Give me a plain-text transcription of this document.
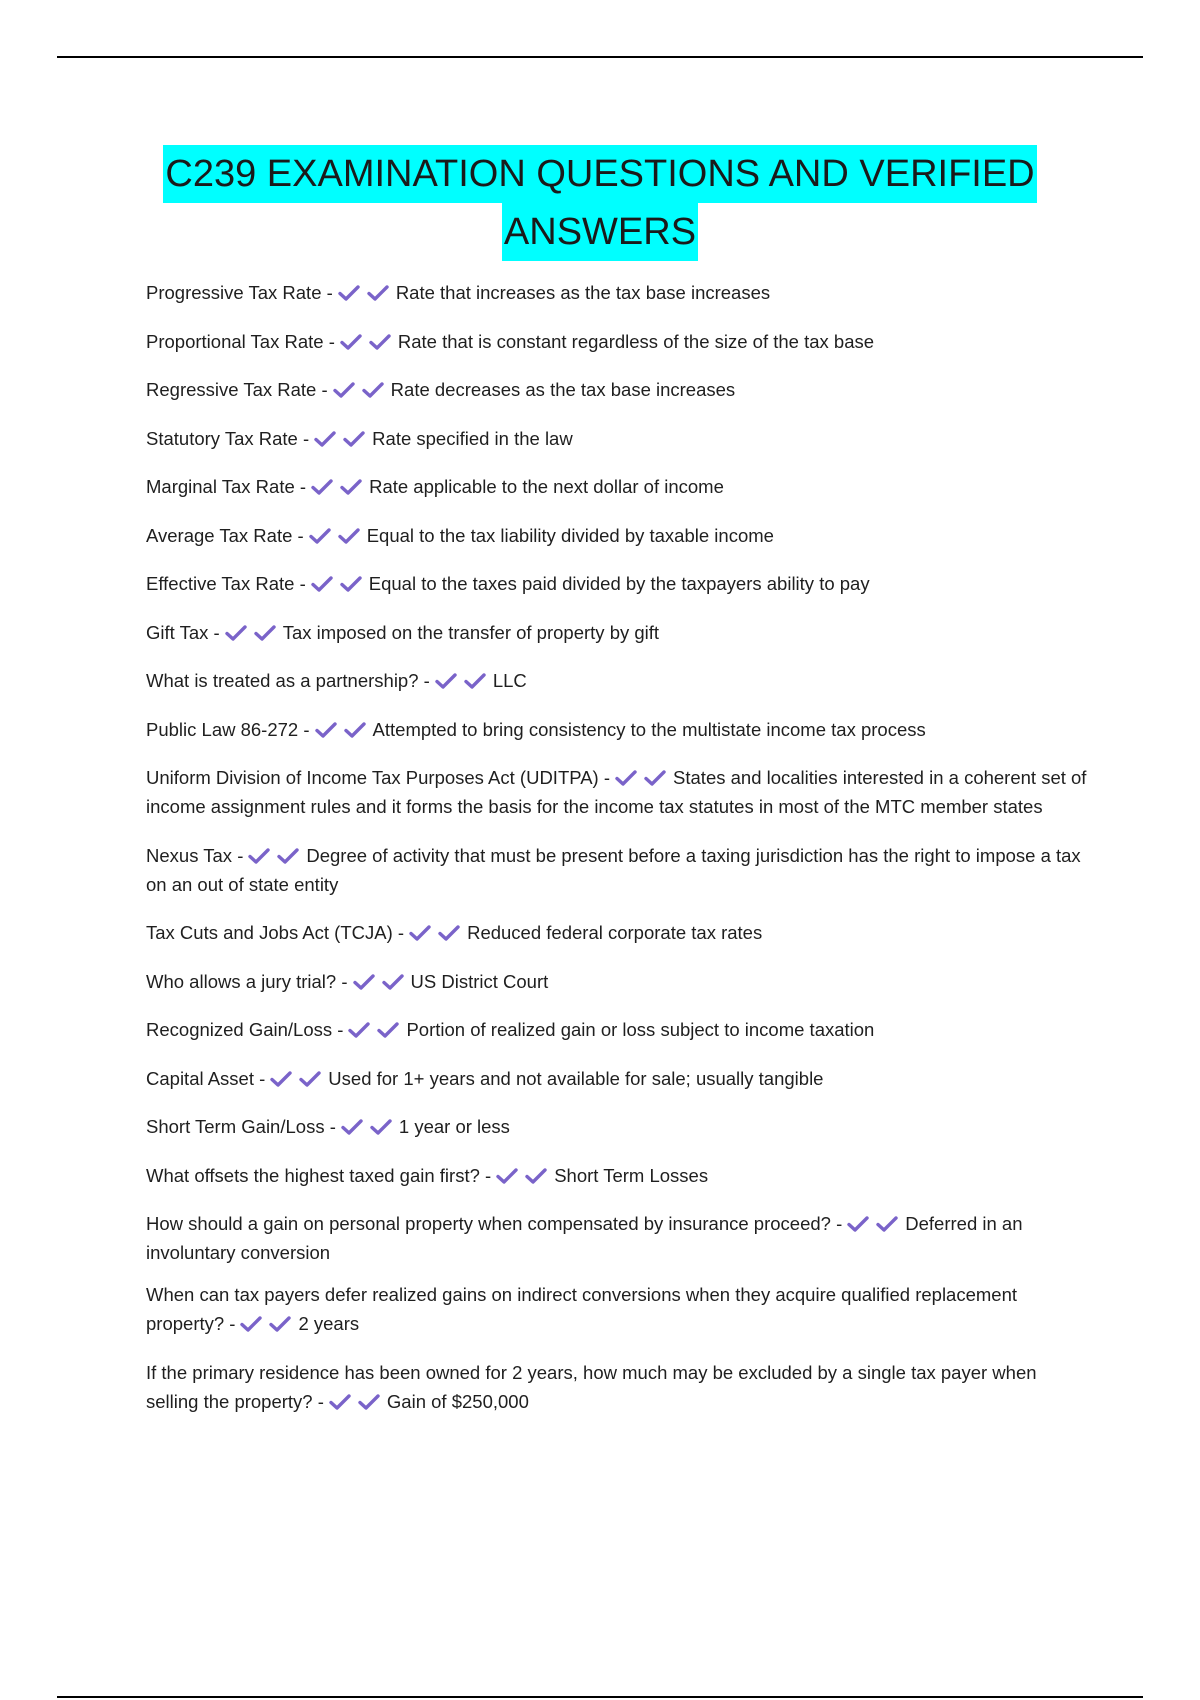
C239 EXAMINATION QUESTIONS AND VERIFIED
ANSWERS
Progressive Tax Rate -	Rate that increases as the tax base increases
Proportional Tax Rate -	Rate that is constant regardless of the size of the tax base
Regressive Tax Rate -	Rate decreases as the tax base increases
Statutory Tax Rate -	Rate specified in the law
Marginal Tax Rate -	Rate applicable to the next dollar of income
Average Tax Rate -	Equal to the tax liability divided by taxable income
Effective Tax Rate -	Equal to the taxes paid divided by the taxpayers ability to pay
Gift Tax -	Tax imposed on the transfer of property by gift
What is treated as a partnership? -	LLC
Public Law 86-272 -	Attempted to bring consistency to the multistate income tax process
Uniform Division of Income Tax Purposes Act (UDITPA) -	States and localities interested in a coherent set of income assignment rules and it forms the basis for the income tax statutes in most of the MTC member states
Nexus Tax -	Degree of activity that must be present before a taxing jurisdiction has the right to impose a tax on an out of state entity
Tax Cuts and Jobs Act (TCJA) -	Reduced federal corporate tax rates
Who allows a jury trial? -	US District Court
Recognized Gain/Loss -	Portion of realized gain or loss subject to income taxation
Capital Asset -	Used for 1+ years and not available for sale; usually tangible
Short Term Gain/Loss -	1 year or less
What offsets the highest taxed gain first? -	Short Term Losses
How should a gain on personal property when compensated by insurance proceed? -	Deferred in an involuntary conversion
When can tax payers defer realized gains on indirect conversions when they acquire qualified replacement property? -	2 years
If the primary residence has been owned for 2 years, how much may be excluded by a single tax payer when selling the property? -	Gain of $250,000
